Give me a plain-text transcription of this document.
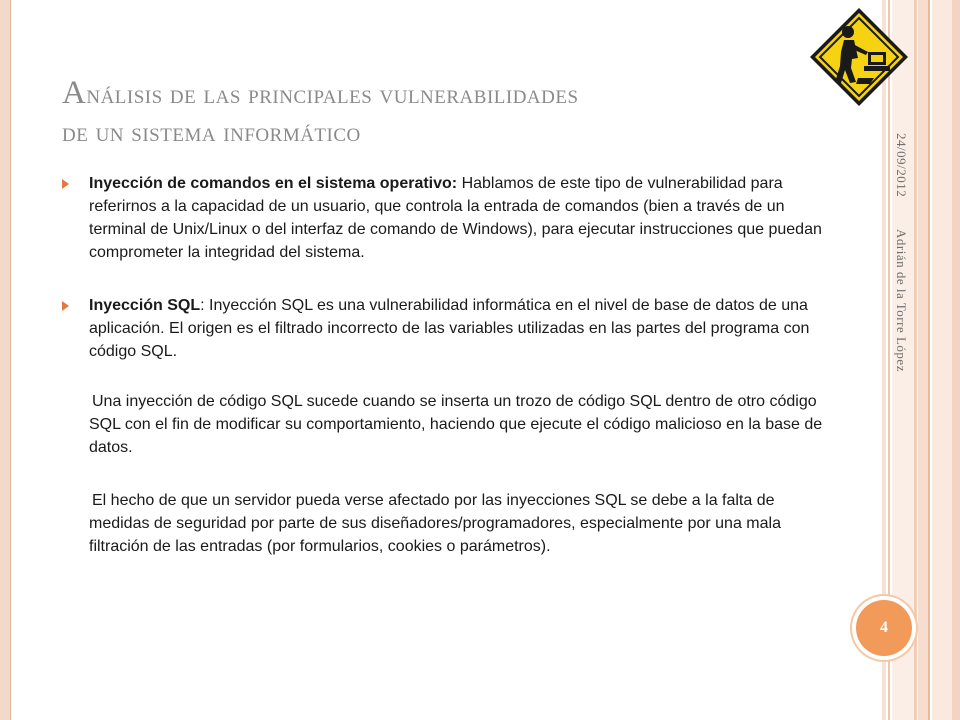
Análisis de las principales vulnerabilidades
de un sistema informático

Inyección de comandos en el sistema operativo: Hablamos de este tipo de vulnerabilidad para referirnos a la capacidad de un usuario, que controla la entrada de comandos (bien a través de un terminal de Unix/Linux o del interfaz de comando de Windows), para ejecutar instrucciones que puedan comprometer la integridad del sistema.

Inyección SQL: Inyección SQL es una vulnerabilidad informática en el nivel de base de datos de una aplicación. El origen es el filtrado incorrecto de las variables utilizadas en las partes del programa con código SQL.

Una inyección de código SQL sucede cuando se inserta un trozo de código SQL dentro de otro código SQL con el fin de modificar su comportamiento, haciendo que ejecute el código malicioso en la base de datos.

El hecho de que un servidor pueda verse afectado por las inyecciones SQL se debe a la falta de medidas de seguridad por parte de sus diseñadores/programadores, especialmente por una mala filtración de las entradas (por formularios, cookies o parámetros).

24/09/2012Adrián de la Torre López
4
